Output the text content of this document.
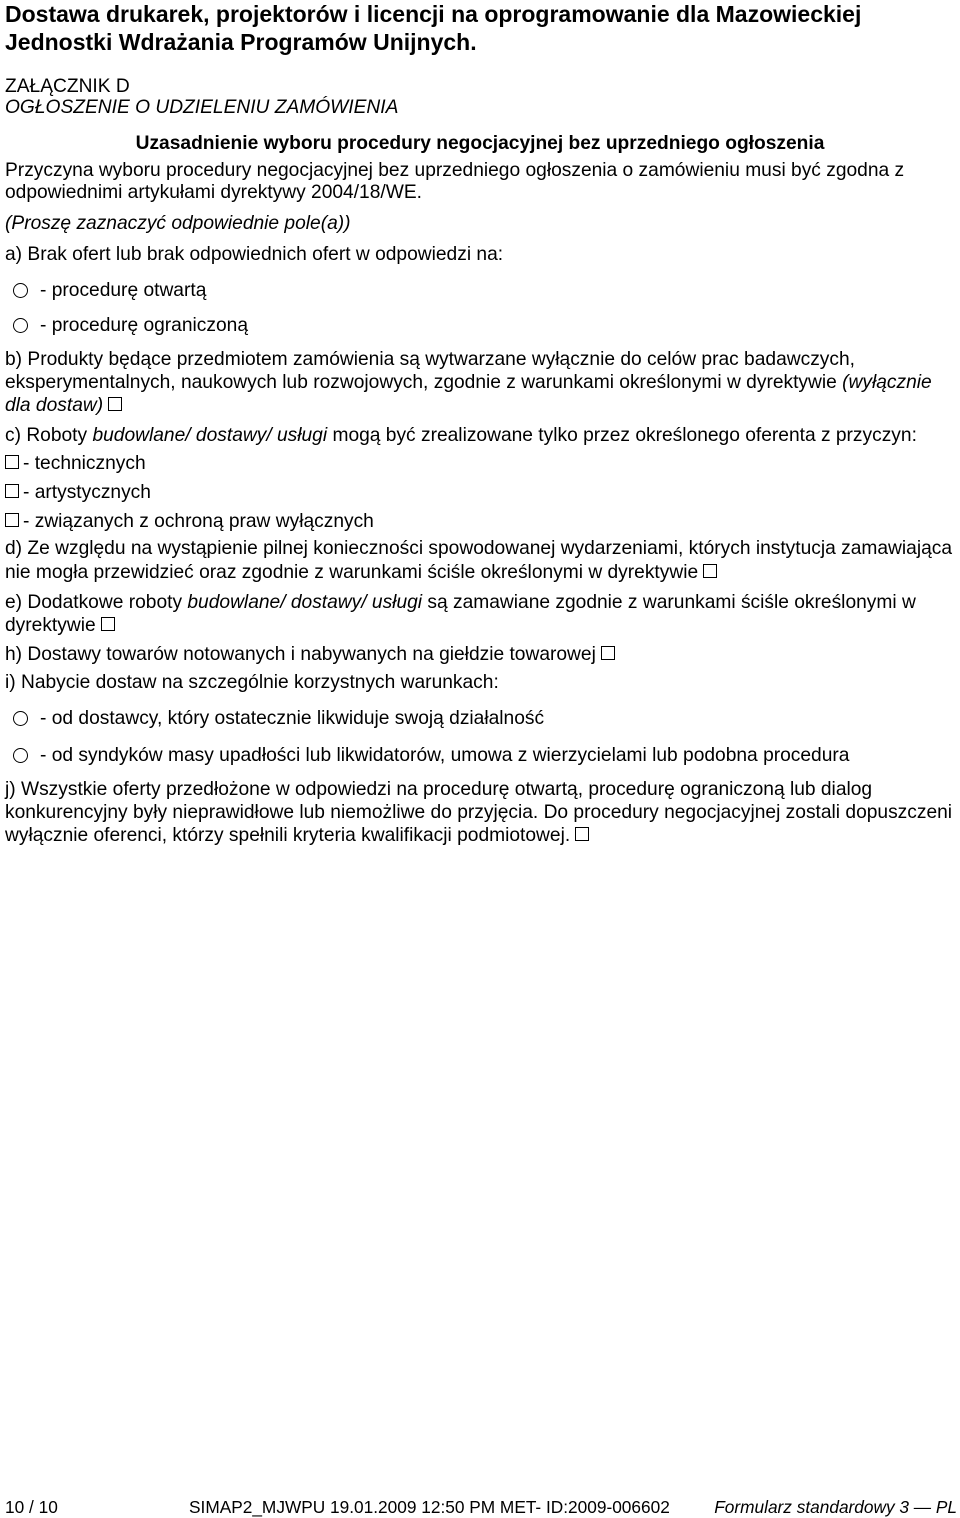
Dostawa drukarek, projektorów i licencji na oprogramowanie dla Mazowieckiej Jednostki Wdrażania Programów Unijnych.
ZAŁĄCZNIK D
OGŁOSZENIE O UDZIELENIU ZAMÓWIENIA
Uzasadnienie wyboru procedury negocjacyjnej bez uprzedniego ogłoszenia

Przyczyna wyboru procedury negocjacyjnej bez uprzedniego ogłoszenia o zamówieniu musi być zgodna z odpowiednimi artykułami dyrektywy 2004/18/WE.

(Proszę zaznaczyć odpowiednie pole(a))

a) Brak ofert lub brak odpowiednich ofert w odpowiedzi na:

- procedurę otwartą
- procedurę ograniczoną

b) Produkty będące przedmiotem zamówienia są wytwarzane wyłącznie do celów prac badawczych, eksperymentalnych, naukowych lub rozwojowych, zgodnie z warunkami określonymi w dyrektywie (wyłącznie dla dostaw)

c) Roboty budowlane/ dostawy/ usługi mogą być zrealizowane tylko przez określonego oferenta z przyczyn:

- technicznych
- artystycznych
- związanych z ochroną praw wyłącznych

d) Ze względu na wystąpienie pilnej konieczności spowodowanej wydarzeniami, których instytucja zamawiająca nie mogła przewidzieć oraz zgodnie z warunkami ściśle określonymi w dyrektywie

e) Dodatkowe roboty budowlane/ dostawy/ usługi są zamawiane zgodnie z warunkami ściśle określonymi w dyrektywie

h) Dostawy towarów notowanych i nabywanych na giełdzie towarowej

i) Nabycie dostaw na szczególnie korzystnych warunkach:

- od dostawcy, który ostatecznie likwiduje swoją działalność
- od syndyków masy upadłości lub likwidatorów, umowa z wierzycielami lub podobna procedura

j) Wszystkie oferty przedłożone w odpowiedzi na procedurę otwartą, procedurę ograniczoną lub dialog konkurencyjny były nieprawidłowe lub niemożliwe do przyjęcia. Do procedury negocjacyjnej zostali dopuszczeni wyłącznie oferenci, którzy spełnili kryteria kwalifikacji podmiotowej.

10 / 10	SIMAP2_MJWPU 19.01.2009 12:50 PM MET- ID:2009-006602	Formularz standardowy 3 — PL
